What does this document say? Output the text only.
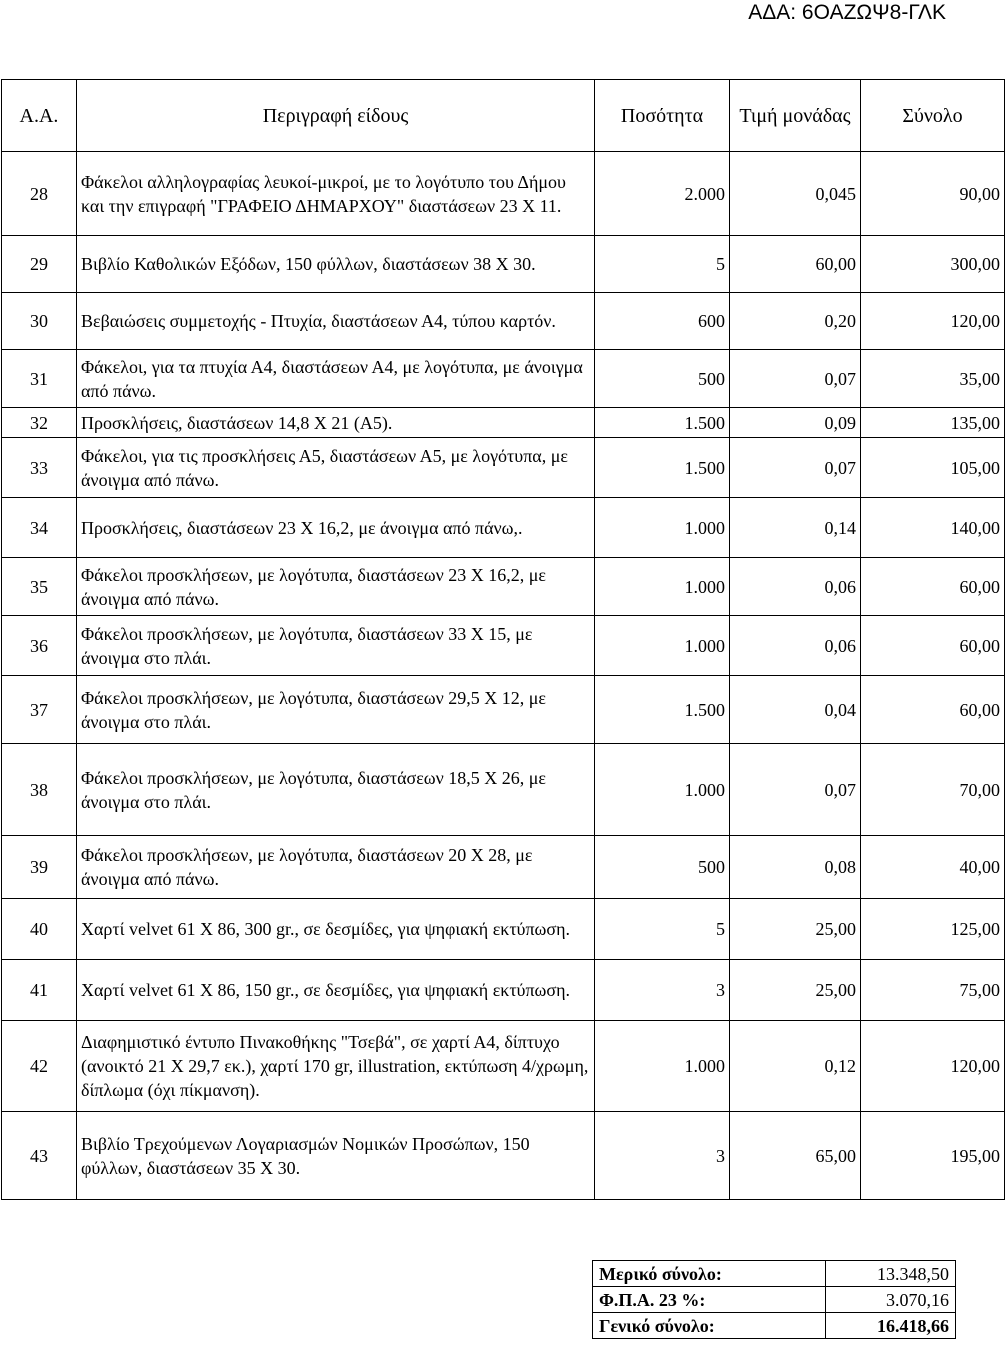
ΑΔΑ: 6ΟΑΖΩΨ8-ΓΛΚ
Α.Α.	Περιγραφή είδους	Ποσότητα	Τιμή μονάδας	Σύνολο
28	Φάκελοι αλληλογραφίας λευκοί-μικροί, με το λογότυπο του Δήμου και την επιγραφή "ΓΡΑΦΕΙΟ ΔΗΜΑΡΧΟΥ" διαστάσεων 23 Χ 11.	2.000	0,045	90,00
29	Βιβλίο Καθολικών Εξόδων, 150 φύλλων, διαστάσεων 38 Χ 30.	5	60,00	300,00
30	Βεβαιώσεις συμμετοχής - Πτυχία, διαστάσεων Α4, τύπου καρτόν.	600	0,20	120,00
31	Φάκελοι, για τα πτυχία Α4, διαστάσεων Α4, με λογότυπα, με άνοιγμα από πάνω.	500	0,07	35,00
32	Προσκλήσεις, διαστάσεων 14,8 Χ 21 (Α5).	1.500	0,09	135,00
33	Φάκελοι, για τις προσκλήσεις Α5, διαστάσεων Α5, με λογότυπα, με άνοιγμα από πάνω.	1.500	0,07	105,00
34	Προσκλήσεις, διαστάσεων 23 Χ 16,2, με άνοιγμα από πάνω,.	1.000	0,14	140,00
35	Φάκελοι προσκλήσεων, με λογότυπα, διαστάσεων 23 Χ 16,2, με άνοιγμα από πάνω.	1.000	0,06	60,00
36	Φάκελοι προσκλήσεων, με λογότυπα, διαστάσεων 33 Χ 15, με άνοιγμα στο πλάι.	1.000	0,06	60,00
37	Φάκελοι προσκλήσεων, με λογότυπα, διαστάσεων 29,5 Χ 12, με άνοιγμα στο πλάι.	1.500	0,04	60,00
38	Φάκελοι προσκλήσεων, με λογότυπα, διαστάσεων 18,5 Χ 26, με άνοιγμα στο πλάι.	1.000	0,07	70,00
39	Φάκελοι προσκλήσεων, με λογότυπα, διαστάσεων 20 Χ 28, με άνοιγμα από πάνω.	500	0,08	40,00
40	Χαρτί velvet 61 Χ 86, 300 gr., σε δεσμίδες, για ψηφιακή εκτύπωση.	5	25,00	125,00
41	Χαρτί velvet 61 Χ 86, 150 gr., σε δεσμίδες, για ψηφιακή εκτύπωση.	3	25,00	75,00
42	Διαφημιστικό έντυπο Πινακοθήκης "Τσεβά", σε χαρτί Α4, δίπτυχο (ανοικτό 21 Χ 29,7 εκ.), χαρτί 170 gr, illustration, εκτύπωση 4/χρωμη, δίπλωμα (όχι πίκμανση).	1.000	0,12	120,00
43	Βιβλίο Τρεχούμενων Λογαριασμών Νομικών Προσώπων, 150 φύλλων, διαστάσεων 35 Χ 30.	3	65,00	195,00
Μερικό σύνολο:	13.348,50
Φ.Π.Α. 23 %:	3.070,16
Γενικό σύνολο:	16.418,66
